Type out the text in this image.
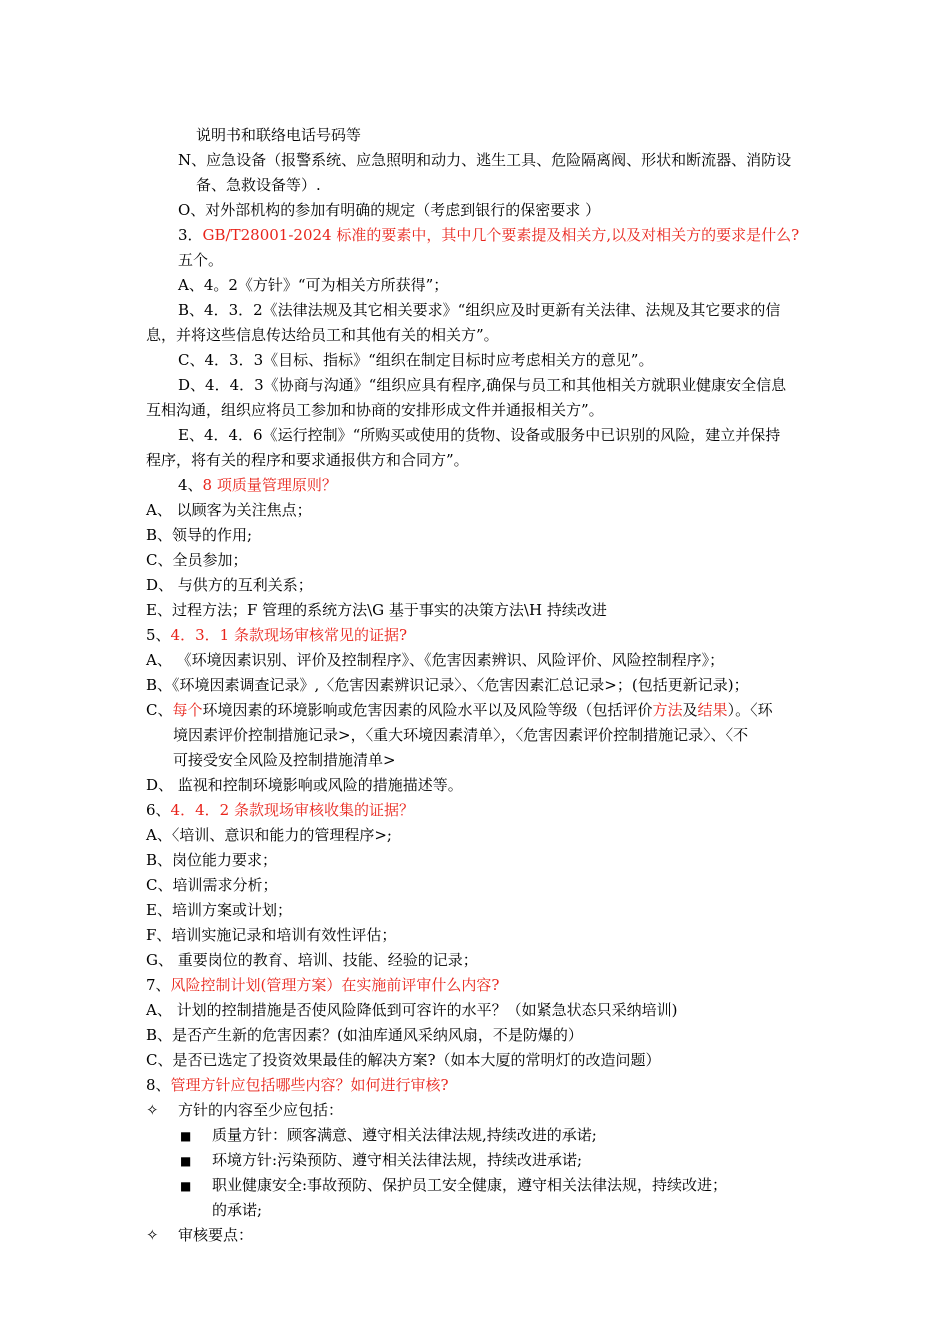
说明书和联络电话号码等
N、应急设备（报警系统、应急照明和动力、逃生工具、危险隔离阀、形状和断流器、消防设
备、急救设备等）.
O、对外部机构的参加有明确的规定（考虑到银行的保密要求 ）
3．GB/T28001-2024 标准的要素中，其中几个要素提及相关方,以及对相关方的要求是什么?
五个。
A、4。2《方针》“可为相关方所获得”；
B、4．3．2《法律法规及其它相关要求》“组织应及时更新有关法律、法规及其它要求的信
息，并将这些信息传达给员工和其他有关的相关方”。
C、4．3．3《目标、指标》“组织在制定目标时应考虑相关方的意见”。
D、4．4．3《协商与沟通》“组织应具有程序,确保与员工和其他相关方就职业健康安全信息
互相沟通，组织应将员工参加和协商的安排形成文件并通报相关方”。
E、4．4．6《运行控制》“所购买或使用的货物、设备或服务中已识别的风险，建立并保持
程序，将有关的程序和要求通报供方和合同方”。
4、8 项质量管理原则？
A、 以顾客为关注焦点；
B、领导的作用;
C、全员参加；
D、 与供方的互利关系；
E、过程方法；F 管理的系统方法\G 基于事实的决策方法\H 持续改进
5、4．3．1 条款现场审核常见的证据?
A、 《环境因素识别、评价及控制程序》、《危害因素辨识、风险评价、风险控制程序》；
B、《环境因素调查记录》,〈危害因素辨识记录〉、〈危害因素汇总记录>；(包括更新记录)；
C、每个环境因素的环境影响或危害因素的风险水平以及风险等级（包括评价方法及结果）。〈环
境因素评价控制措施记录>，〈重大环境因素清单〉，〈危害因素评价控制措施记录〉、〈不
可接受安全风险及控制措施清单>
D、 监视和控制环境影响或风险的措施描述等。
6、4．4．2 条款现场审核收集的证据？
A、〈培训、意识和能力的管理程序>;
B、岗位能力要求；
C、培训需求分析；
E、培训方案或计划；
F、培训实施记录和培训有效性评估；
G、 重要岗位的教育、培训、技能、经验的记录；
7、风险控制计划(管理方案）在实施前评审什么内容?
A、 计划的控制措施是否使风险降低到可容许的水平？（如紧急状态只采纳培训)
B、是否产生新的危害因素？(如油库通风采纳风扇，不是防爆的）
C、是否已选定了投资效果最佳的解决方案?（如本大厦的常明灯的改造问题）
8、管理方针应包括哪些内容？如何进行审核?
✧ 方针的内容至少应包括：
■ 质量方针：顾客满意、遵守相关法律法规,持续改进的承诺;
■ 环境方针:污染预防、遵守相关法律法规，持续改进承诺;
■ 职业健康安全:事故预防、保护员工安全健康，遵守相关法律法规，持续改进；
的承诺;
✧ 审核要点：
